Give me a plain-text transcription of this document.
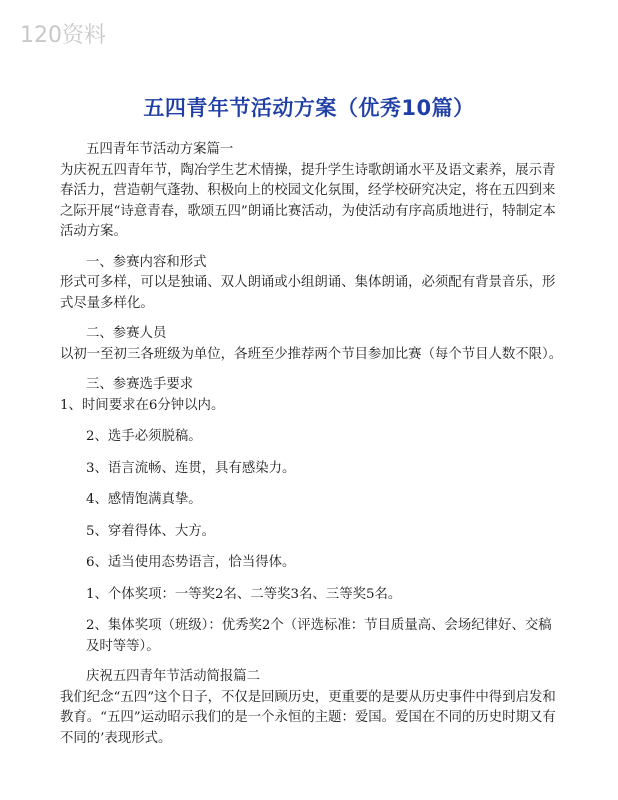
120资料
五四青年节活动方案（优秀10篇）

五四青年节活动方案篇一

为庆祝五四青年节，陶冶学生艺术情操，提升学生诗歌朗诵水平及语文素养，展示青春活力，营造朝气蓬勃、积极向上的校园文化氛围，经学校研究决定，将在五四到来之际开展“诗意青春，歌颂五四”朗诵比赛活动，为使活动有序高质地进行，特制定本活动方案。

一、参赛内容和形式

形式可多样，可以是独诵、双人朗诵或小组朗诵、集体朗诵，必须配有背景音乐，形式尽量多样化。

二、参赛人员

以初一至初三各班级为单位，各班至少推荐两个节目参加比赛（每个节目人数不限）。

三、参赛选手要求

1、时间要求在6分钟以内。

2、选手必须脱稿。

3、语言流畅、连贯，具有感染力。

4、感情饱满真挚。

5、穿着得体、大方。

6、适当使用态势语言，恰当得体。

1、个体奖项：一等奖2名、二等奖3名、三等奖5名。

2、集体奖项（班级）：优秀奖2个（评选标准：节目质量高、会场纪律好、交稿及时等等）。

庆祝五四青年节活动简报篇二

我们纪念“五四”这个日子，不仅是回顾历史，更重要的是要从历史事件中得到启发和教育。“五四”运动昭示我们的是一个永恒的主题：爱国。爱国在不同的历史时期又有不同的’表现形式。
